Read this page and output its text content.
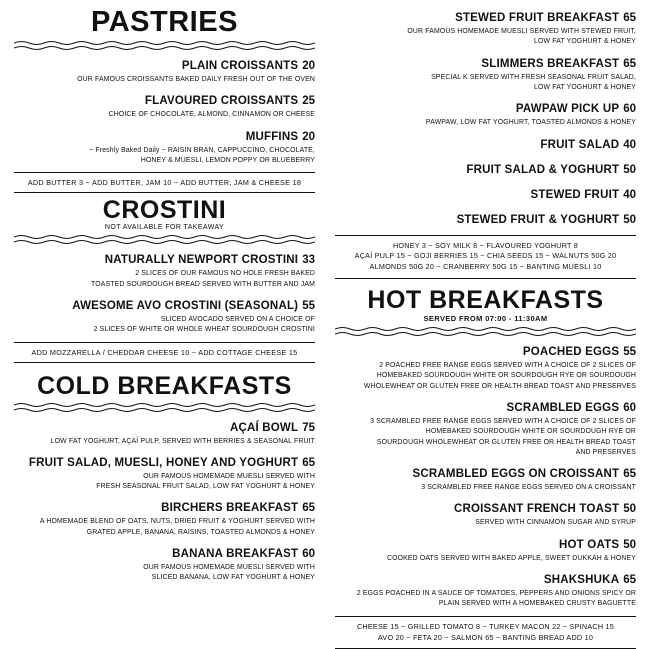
PASTRIES
PLAIN CROISSANTS 20
OUR FAMOUS CROISSANTS BAKED DAILY FRESH OUT OF THE OVEN
FLAVOURED CROISSANTS 25
CHOICE OF CHOCOLATE, ALMOND, CINNAMON OR CHEESE
MUFFINS 20
~ Freshly Baked Daily ~ RAISIN BRAN, CAPPUCCINO, CHOCOLATE,
HONEY & MUESLI, LEMON POPPY OR BLUEBERRY
ADD BUTTER 3 ~ ADD BUTTER, JAM 10 ~ ADD BUTTER, JAM & CHEESE 18
CROSTINI
NOT AVAILABLE FOR TAKEAWAY
NATURALLY NEWPORT CROSTINI 33
2 SLICES OF OUR FAMOUS NO HOLE FRESH BAKED
TOASTED SOURDOUGH BREAD SERVED WITH BUTTER AND JAM
AWESOME AVO CROSTINI (SEASONAL) 55
SLICED AVOCADO SERVED ON A CHOICE OF
2 SLICES OF WHITE OR WHOLE WHEAT SOURDOUGH CROSTINI
ADD MOZZARELLA / CHEDDAR CHEESE 10 ~ ADD COTTAGE CHEESE 15
COLD BREAKFASTS
AÇAÍ BOWL 75
LOW FAT YOGHURT, AÇAÍ PULP, SERVED WITH BERRIES & SEASONAL FRUIT
FRUIT SALAD, MUESLI, HONEY AND YOGHURT 65
OUR FAMOUS HOMEMADE MUESLI SERVED WITH
FRESH SEASONAL FRUIT SALAD, LOW FAT YOGHURT & HONEY
BIRCHERS BREAKFAST 65
A HOMEMADE BLEND OF OATS, NUTS, DRIED FRUIT & YOGHURT SERVED WITH
GRATED APPLE, BANANA, RAISINS, TOASTED ALMONDS & HONEY
BANANA BREAKFAST 60
OUR FAMOUS HOMEMADE MUESLI SERVED WITH
SLICED BANANA, LOW FAT YOGHURT & HONEY
STEWED FRUIT BREAKFAST 65
OUR FAMOUS HOMEMADE MUESLI SERVED WITH STEWED FRUIT,
LOW FAT YOGHURT & HONEY
SLIMMERS BREAKFAST 65
SPECIAL K SERVED WITH FRESH SEASONAL FRUIT SALAD,
LOW FAT YOGHURT & HONEY
PAWPAW PICK UP 60
PAWPAW, LOW FAT YOGHURT, TOASTED ALMONDS & HONEY
FRUIT SALAD 40
FRUIT SALAD & YOGHURT 50
STEWED FRUIT 40
STEWED FRUIT & YOGHURT 50
HONEY 3 ~ SOY MILK 8 ~ FLAVOURED YOGHURT 8
AÇAÍ PULP 15 ~ GOJI BERRIES 15 ~ CHIA SEEDS 15 ~ WALNUTS 50G 20
ALMONDS 50G 20 ~ CRANBERRY 50G 15 ~ BANTING MUESLI 10
HOT BREAKFASTS
SERVED FROM 07:00 - 11:30AM
POACHED EGGS 55
2 POACHED FREE RANGE EGGS SERVED WITH A CHOICE OF 2 SLICES OF
HOMEBAKED SOURDOUGH WHITE OR SOURDOUGH RYE OR SOURDOUGH
WHOLEWHEAT OR GLUTEN FREE OR HEALTH BREAD TOAST AND PRESERVES
SCRAMBLED EGGS 60
3 SCRAMBLED FREE RANGE EGGS SERVED WITH A CHOICE OF 2 SLICES OF
HOMEBAKED SOURDOUGH WHITE OR SOURDOUGH RYE OR
SOURDOUGH WHOLEWHEAT OR GLUTEN FREE OR HEALTH BREAD TOAST
AND PRESERVES
SCRAMBLED EGGS ON CROISSANT 65
3 SCRAMBLED FREE RANGE EGGS SERVED ON A CROISSANT
CROISSANT FRENCH TOAST 50
SERVED WITH CINNAMON SUGAR AND SYRUP
HOT OATS 50
COOKED OATS SERVED WITH BAKED APPLE, SWEET DUKKAH & HONEY
SHAKSHUKA 65
2 EGGS POACHED IN A SAUCE OF TOMATOES, PEPPERS AND ONIONS SPICY OR
PLAIN SERVED WITH A HOMEBAKED CRUSTY BAGUETTE
CHEESE 15 ~ GRILLED TOMATO 8 ~ TURKEY MACON 22 ~ SPINACH 15
AVO 20 ~ FETA 20 ~ SALMON 65 ~ BANTING BREAD ADD 10
